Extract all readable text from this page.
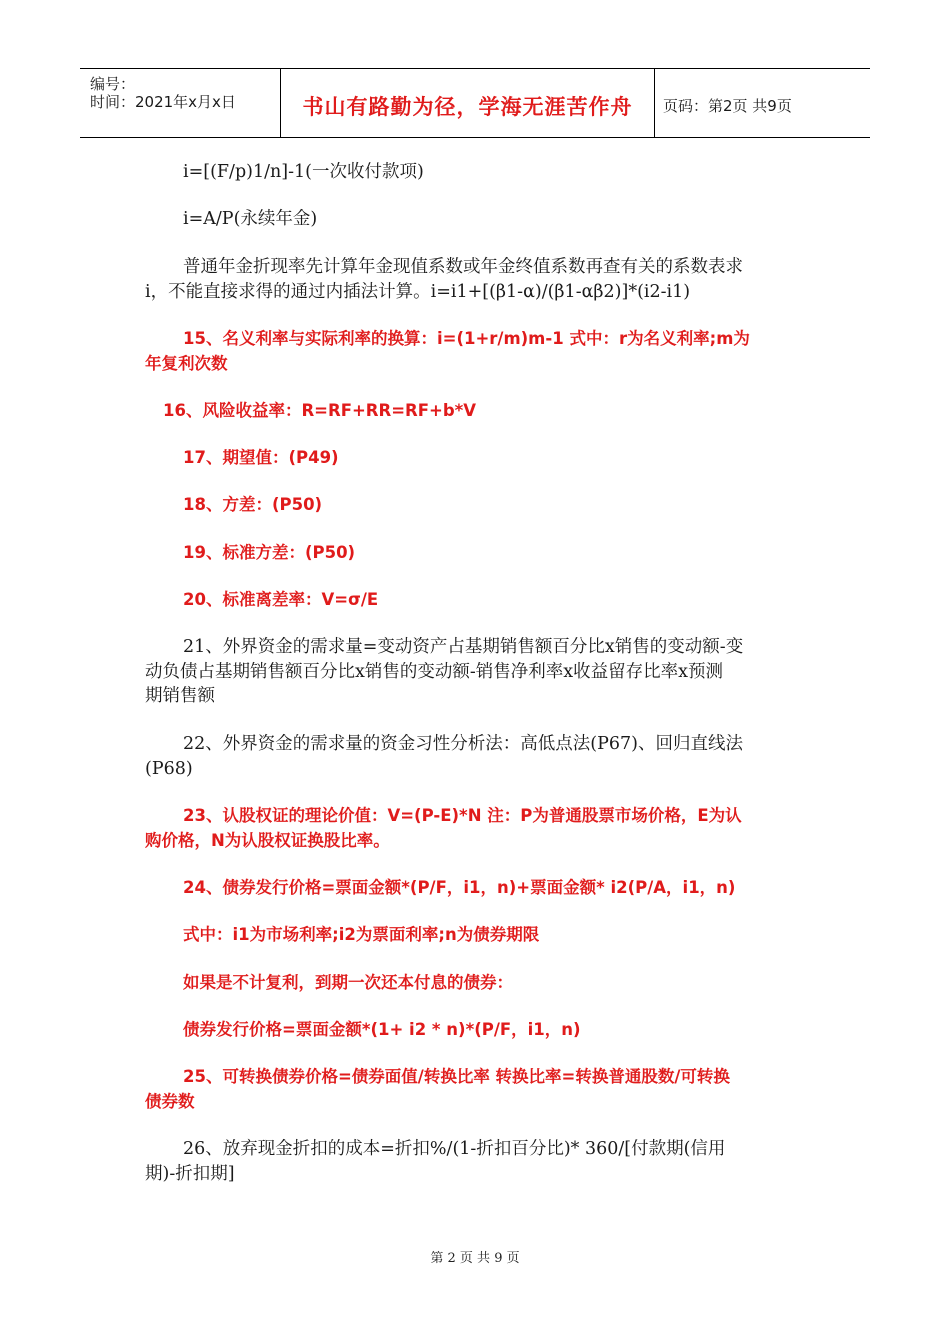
编号：
时间：2021年x月x日	书山有路勤为径，学海无涯苦作舟	页码：第2页 共9页
i=[(F/p)1/n]-1(一次收付款项)
i=A/P(永续年金)
普通年金折现率先计算年金现值系数或年金终值系数再查有关的系数表求
i，不能直接求得的通过内插法计算。i=i1+[(β1-α)/(β1-αβ2)]*(i2-i1)
15、名义利率与实际利率的换算：i=(1+r/m)m-1 式中：r为名义利率;m为
年复利次数
16、风险收益率：R=RF+RR=RF+b*V
17、期望值：(P49)
18、方差：(P50)
19、标准方差：(P50)
20、标准离差率：V=σ/E
21、外界资金的需求量=变动资产占基期销售额百分比x销售的变动额-变
动负债占基期销售额百分比x销售的变动额-销售净利率x收益留存比率x预测
期销售额
22、外界资金的需求量的资金习性分析法：高低点法(P67)、回归直线法
(P68)
23、认股权证的理论价值：V=(P-E)*N 注：P为普通股票市场价格，E为认
购价格，N为认股权证换股比率。
24、债券发行价格=票面金额*(P/F，i1，n)+票面金额* i2(P/A，i1，n)
式中：i1为市场利率;i2为票面利率;n为债券期限
如果是不计复利，到期一次还本付息的债券：
债券发行价格=票面金额*(1+ i2 * n)*(P/F，i1，n)
25、可转换债券价格=债券面值/转换比率 转换比率=转换普通股数/可转换
债券数
26、放弃现金折扣的成本=折扣%/(1-折扣百分比)* 360/[付款期(信用
期)-折扣期]
第 2 页 共 9 页
